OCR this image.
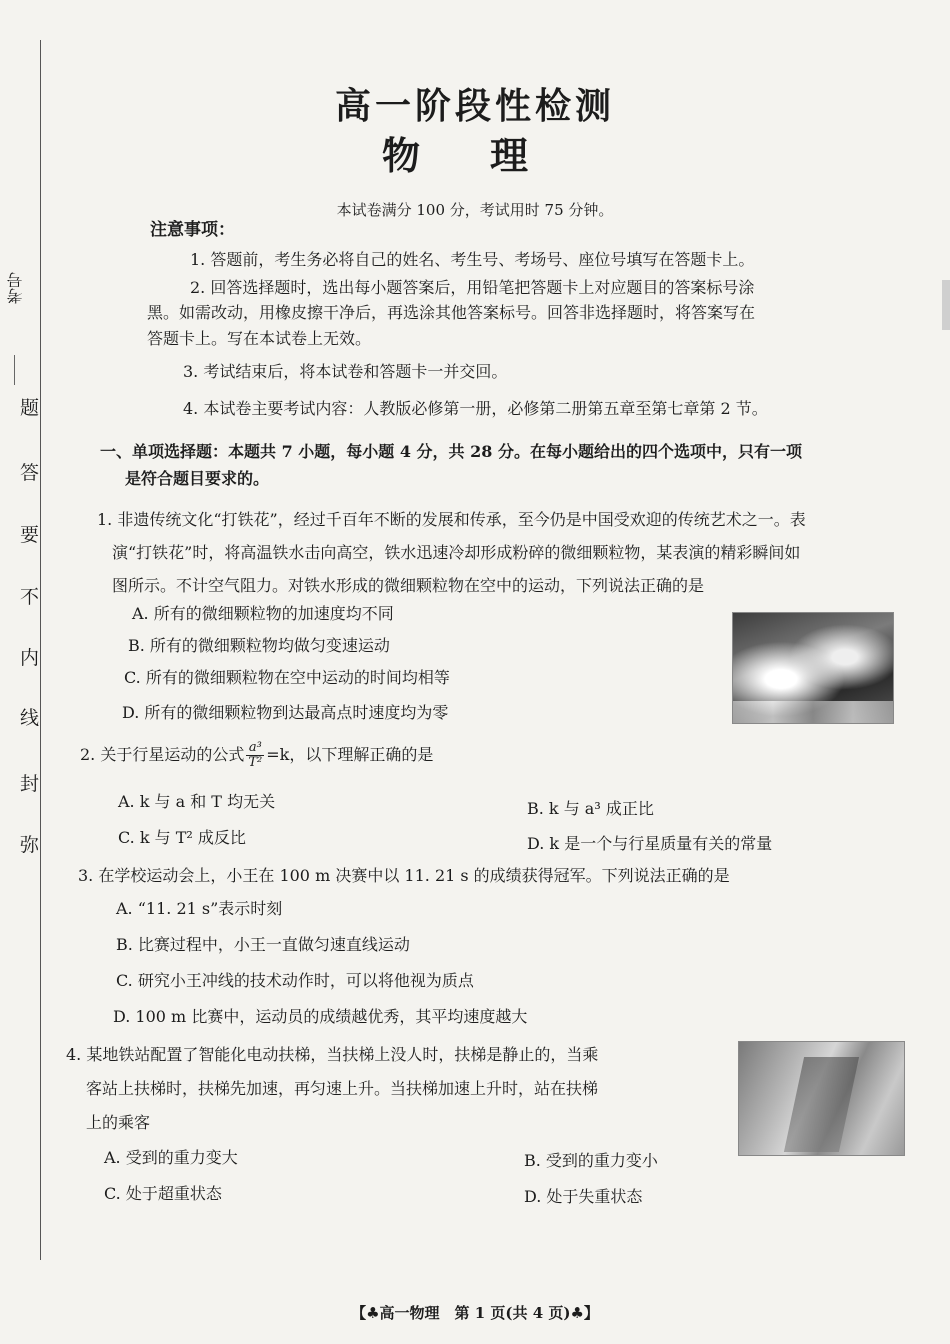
考号
题
答
要
不
内
线
封
弥
高一阶段性检测
物理
本试卷满分 100 分，考试用时 75 分钟。
注意事项：
1. 答题前，考生务必将自己的姓名、考生号、考场号、座位号填写在答题卡上。
2. 回答选择题时，选出每小题答案后，用铅笔把答题卡上对应题目的答案标号涂
黑。如需改动，用橡皮擦干净后，再选涂其他答案标号。回答非选择题时，将答案写在
答题卡上。写在本试卷上无效。
3. 考试结束后，将本试卷和答题卡一并交回。
4. 本试卷主要考试内容：人教版必修第一册，必修第二册第五章至第七章第 2 节。
一、单项选择题：本题共 7 小题，每小题 4 分，共 28 分。在每小题给出的四个选项中，只有一项
是符合题目要求的。
1. 非遗传统文化“打铁花”，经过千百年不断的发展和传承，至今仍是中国受欢迎的传统艺术之一。表
演“打铁花”时，将高温铁水击向高空，铁水迅速冷却形成粉碎的微细颗粒物，某表演的精彩瞬间如
图所示。不计空气阻力。对铁水形成的微细颗粒物在空中的运动，下列说法正确的是
A. 所有的微细颗粒物的加速度均不同
B. 所有的微细颗粒物均做匀变速运动
C. 所有的微细颗粒物在空中运动的时间均相等
D. 所有的微细颗粒物到达最高点时速度均为零
2. 关于行星运动的公式 $\frac{\text{a³}}{\text{T²}} =k$，以下理解正确的是
A. k 与 a 和 T 均无关	B. k 与 a³ 成正比
C. k 与 T² 成反比	D. k 是一个与行星质量有关的常量
3. 在学校运动会上，小王在 100 m 决赛中以 11. 21 s 的成绩获得冠军。下列说法正确的是
A. “11. 21 s”表示时刻
B. 比赛过程中，小王一直做匀速直线运动
C. 研究小王冲线的技术动作时，可以将他视为质点
D. 100 m 比赛中，运动员的成绩越优秀，其平均速度越大
4. 某地铁站配置了智能化电动扶梯，当扶梯上没人时，扶梯是静止的，当乘
客站上扶梯时，扶梯先加速，再匀速上升。当扶梯加速上升时，站在扶梯
上的乘客
A. 受到的重力变大	B. 受到的重力变小
C. 处于超重状态	D. 处于失重状态
【♣高一物理　第 1 页(共 4 页)♣】
